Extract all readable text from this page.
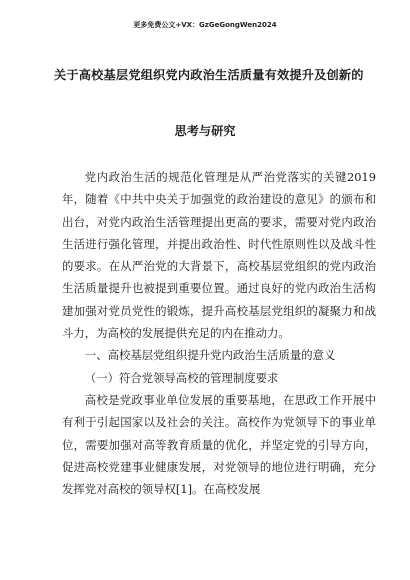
更多免费公文+VX：GzGeGongWen2024
关于高校基层党组织党内政治生活质量有效提升及创新的
思考与研究

党内政治生活的规范化管理是从严治党落实的关键2019年，随着《中共中央关于加强党的政治建设的意见》的颁布和出台，对党内政治生活管理提出更高的要求，需要对党内政治生活进行强化管理，并提出政治性、时代性原则性以及战斗性的要求。在从严治党的大背景下，高校基层党组织的党内政治生活质量提升也被提到重要位置。通过良好的党内政治生活构建加强对党员党性的锻炼，提升高校基层党组织的凝聚力和战斗力，为高校的发展提供充足的内在推动力。

一、高校基层党组织提升党内政治生活质量的意义

（一）符合党领导高校的管理制度要求

高校是党政事业单位发展的重要基地，在思政工作开展中有利于引起国家以及社会的关注。高校作为党领导下的事业单位，需要加强对高等教育质量的优化，并坚定党的引导方向，促进高校党建事业健康发展，对党领导的地位进行明确，充分发挥党对高校的领导权[1]。在高校发展
